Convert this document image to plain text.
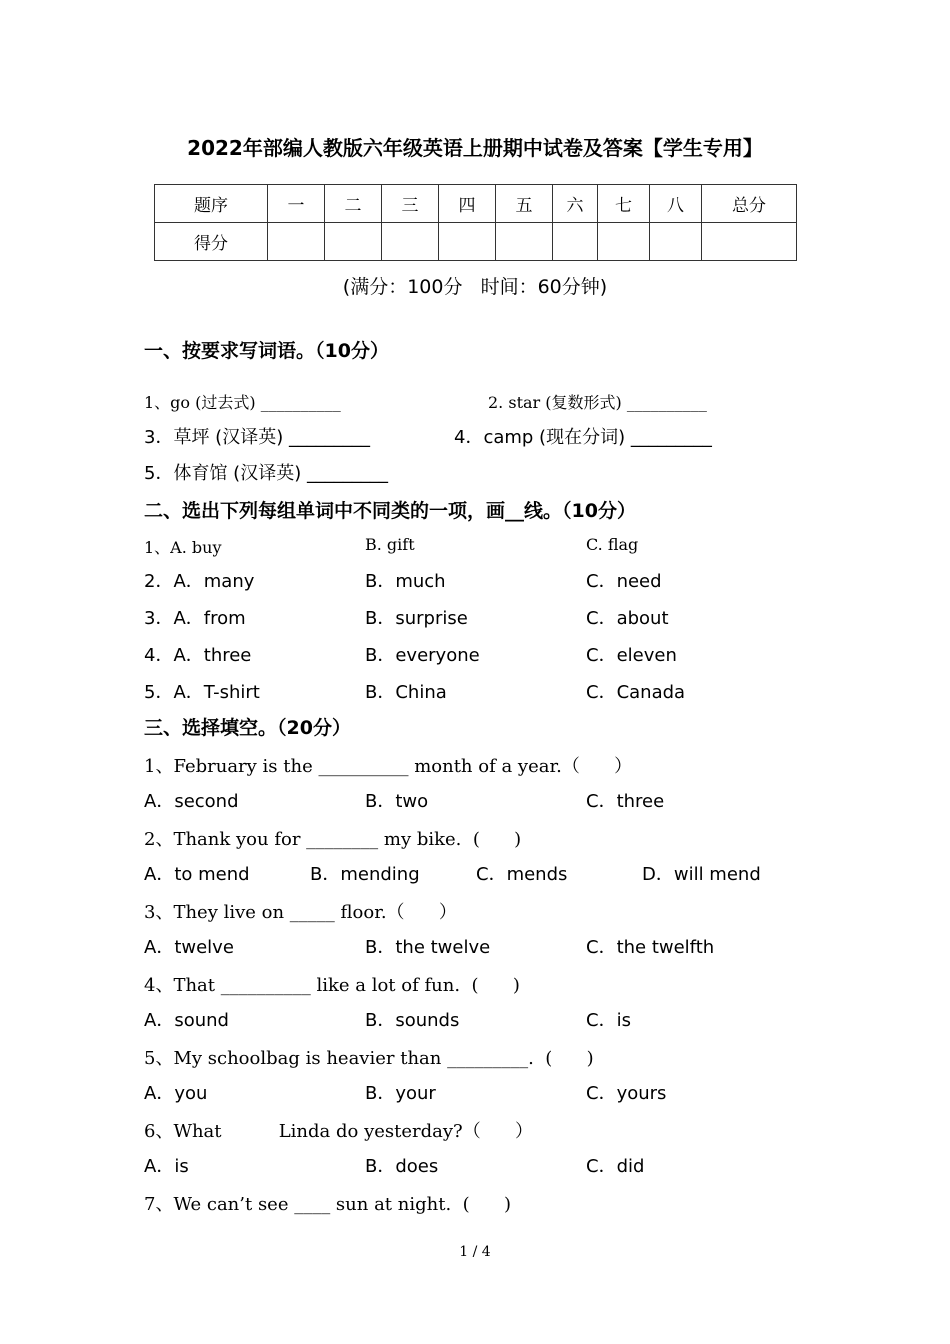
2022年部编人教版六年级英语上册期中试卷及答案【学生专用】
题序	一	二	三	四	五	六	七	八	总分
得分									
(满分：100分   时间：60分钟)
一、按要求写词语。（10分）
1、go (过去式) __________	2. star (复数形式) __________
3．草坪 (汉译英) _________	4．camp (现在分词) _________
5．体育馆 (汉译英) _________
二、选出下列每组单词中不同类的一项，画__线。（10分）
1、A. buy	B. gift	C. flag
2．A．many	B．much	C．need
3．A．from	B．surprise	C．about
4．A．three	B．everyone	C．eleven
5．A．T-shirt	B．China	C．Canada
三、选择填空。（20分）
1、February is the __________ month of a year.（      ）
A．second	B．two	C．three
2、Thank you for ________ my bike.  (      )
A．to mend	B．mending	C．mends	D．will mend
3、They live on _____ floor.（      ）
A．twelve	B．the twelve	C．the twelfth
4、That __________ like a lot of fun.  (      )
A．sound	B．sounds	C．is
5、My schoolbag is heavier than _________.  (      )
A．you	B．your	C．yours
6、What          Linda do yesterday?（      ）
A．is	B．does	C．did
7、We can’t see ____ sun at night.  (      )
1 / 4
